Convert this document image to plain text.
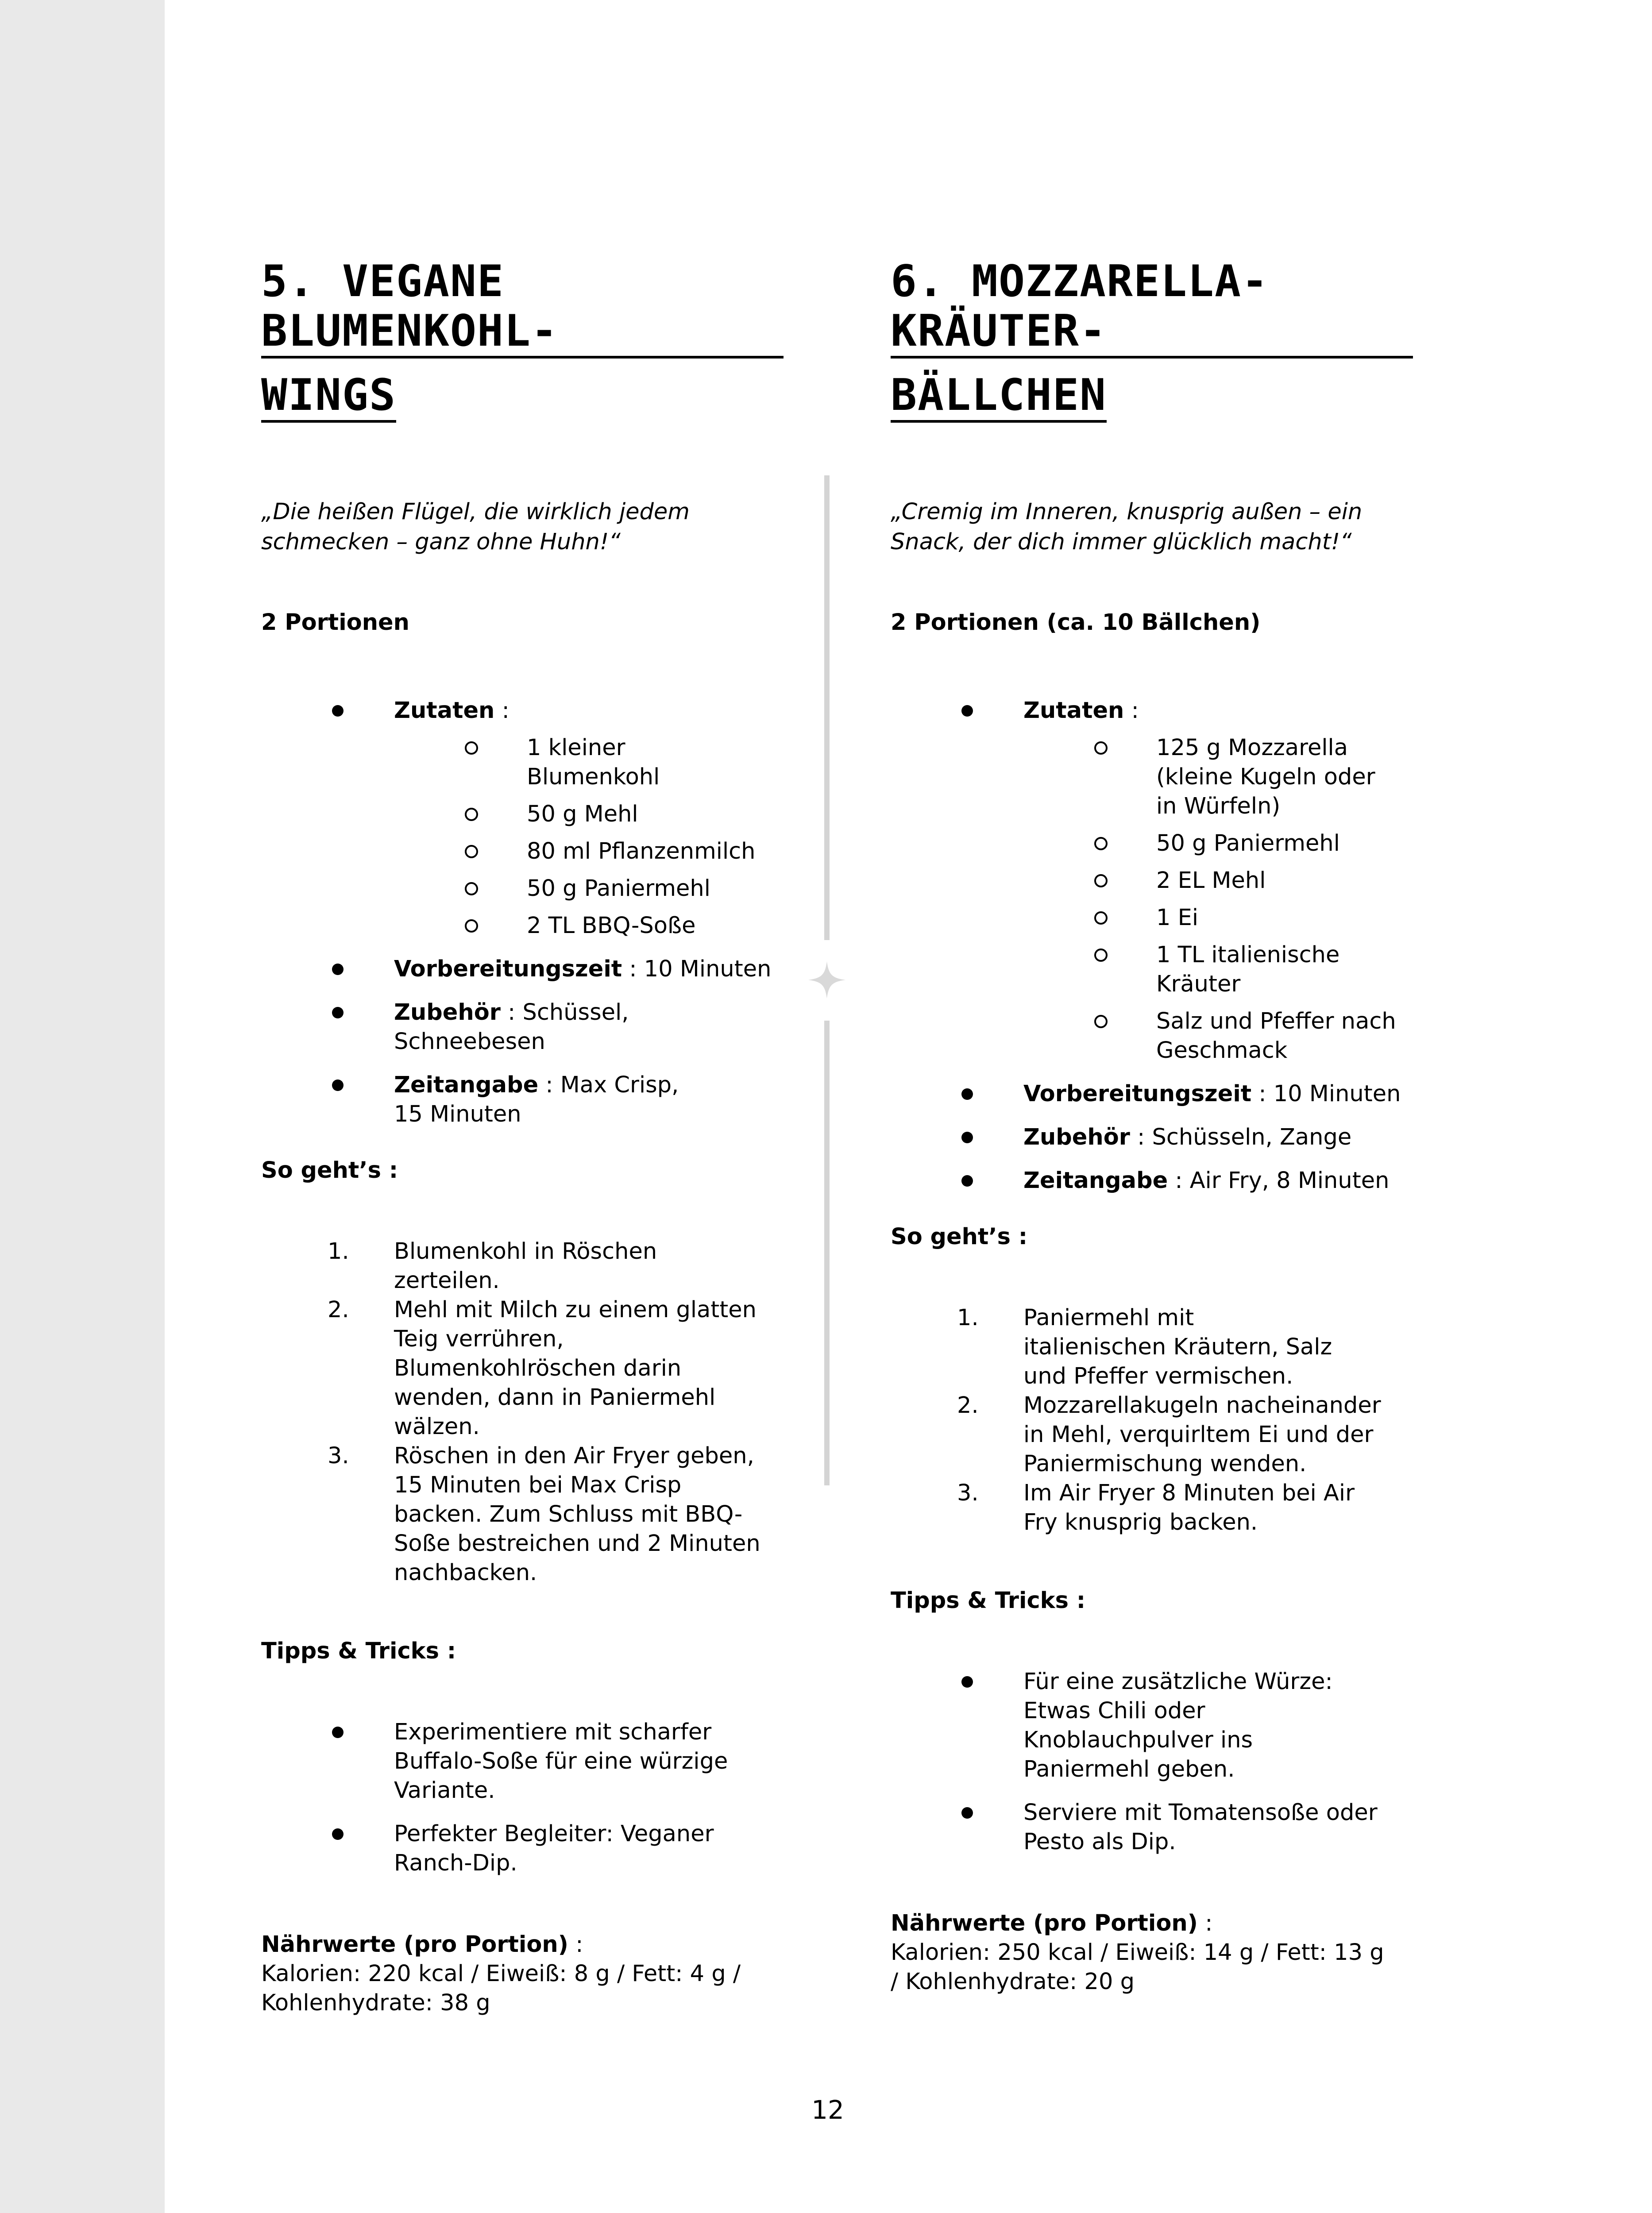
5. VEGANE BLUMENKOHL-
WINGS

„Die heißen Flügel, die wirklich jedem
schmecken – ganz ohne Huhn!“

2 Portionen

Zutaten :
1 kleiner Blumenkohl
50 g Mehl
80 ml Pflanzenmilch
50 g Paniermehl
2 TL BBQ-Soße
Vorbereitungszeit : 10 Minuten
Zubehör : Schüssel, Schneebesen
Zeitangabe : Max Crisp, 15 Minuten

So geht’s :

1. Blumenkohl in Röschen zerteilen.
2. Mehl mit Milch zu einem glatten Teig verrühren, Blumenkohlröschen darin wenden, dann in Paniermehl wälzen.
3. Röschen in den Air Fryer geben, 15 Minuten bei Max Crisp backen. Zum Schluss mit BBQ-Soße bestreichen und 2 Minuten nachbacken.

Tipps & Tricks :

Experimentiere mit scharfer Buffalo-Soße für eine würzige Variante.
Perfekter Begleiter: Veganer Ranch-Dip.

Nährwerte (pro Portion) :
Kalorien: 220 kcal / Eiweiß: 8 g / Fett: 4 g / Kohlenhydrate: 38 g

6. MOZZARELLA-KRÄUTER-
BÄLLCHEN

„Cremig im Inneren, knusprig außen – ein
Snack, der dich immer glücklich macht!“

2 Portionen (ca. 10 Bällchen)

Zutaten :
125 g Mozzarella (kleine Kugeln oder in Würfeln)
50 g Paniermehl
2 EL Mehl
1 Ei
1 TL italienische Kräuter
Salz und Pfeffer nach Geschmack
Vorbereitungszeit : 10 Minuten
Zubehör : Schüsseln, Zange
Zeitangabe : Air Fry, 8 Minuten

So geht’s :

1. Paniermehl mit italienischen Kräutern, Salz und Pfeffer vermischen.
2. Mozzarellakugeln nacheinander in Mehl, verquirltem Ei und der Paniermischung wenden.
3. Im Air Fryer 8 Minuten bei Air Fry knusprig backen.

Tipps & Tricks :

Für eine zusätzliche Würze: Etwas Chili oder Knoblauchpulver ins Paniermehl geben.
Serviere mit Tomatensoße oder Pesto als Dip.

Nährwerte (pro Portion) :
Kalorien: 250 kcal / Eiweiß: 14 g / Fett: 13 g / Kohlenhydrate: 20 g

12
